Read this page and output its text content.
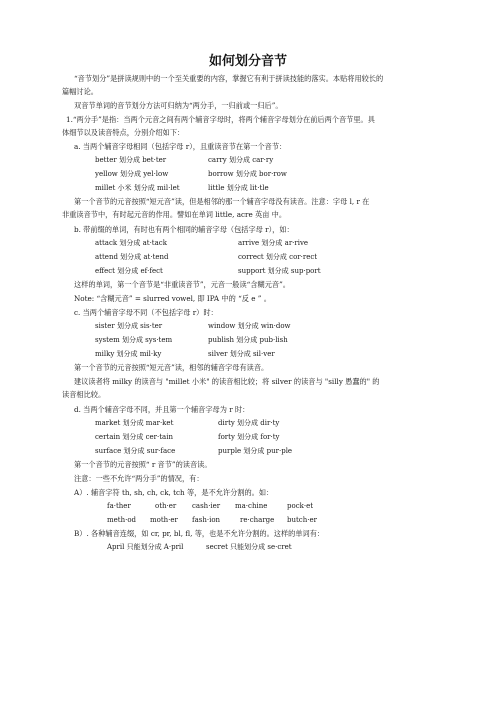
如何划分音节
“音节划分”是拼读规则中的一个至关重要的内容，掌握它有利于拼读技能的落实。本贴将用较长的
篇幅讨论。
双音节单词的音节划分方法可归纳为“两分手，一归前或一归后”。
1.“两分手”是指：当两个元音之间有两个辅音字母时，将两个辅音字母划分在前后两个音节里。具
体细节以及读音特点，分别介绍如下：
a. 当两个辅音字母相同（包括字母 r），且重读音节在第一个音节：
better 划分成 bet·ter	carry 划分成 car·ry
yellow 划分成 yel·low	borrow 划分成 bor·row
millet 小米 划分成 mil·let	little 划分成 lit·tle
第一个音节的元音按照“短元音”读，但是相邻的那一个辅音字母没有读音。注意：字母 l, r 在
非重读音节中，有时起元音的作用。譬如在单词 little, acre 英亩 中。
b. 带前缀的单词，有时也有两个相同的辅音字母（包括字母 r），如：
attack 划分成 at·tack	arrive 划分成 ar·rive
attend 划分成 at·tend	correct 划分成 cor·rect
effect 划分成 ef·fect	support 划分成 sup·port
这样的单词，第一个音节是“非重读音节”，元音一般读“含糊元音”。
Note: “含糊元音” = slurred vowel, 即 IPA 中的 “反 e ” 。
c. 当两个辅音字母不同（不包括字母 r）时：
sister 划分成 sis·ter	window 划分成 win·dow
system 划分成 sys·tem	publish 划分成 pub·lish
milky 划分成 mil·ky	silver 划分成 sil·ver
第一个音节的元音按照“短元音”读，相邻的辅音字母有读音。
建议读者将 milky 的读音与 "millet 小米" 的读音相比较；将 silver 的读音与 "silly 愚蠢的" 的
读音相比较。
d. 当两个辅音字母不同，并且第一个辅音字母为 r 时：
market 划分成 mar·ket	dirty 划分成 dir·ty
certain 划分成 cer·tain	forty 划分成 for·ty
surface 划分成 sur·face	purple 划分成 pur·ple
第一个音节的元音按照“ r 音节”的读音读。
注意：一些不允许“两分手”的情况，有：
A）. 辅音字符 th, sh, ch, ck, tch 等，是不允许分割的。如：
fa·ther	oth·er cash·ier ma·chine	pock·et
meth·od moth·er fash·ion	re·charge butch·er
B）. 各种辅音连缀，如 cr, pr, bl, fl, 等，也是不允许分割的。这样的单词有：
April 只能划分成 A·pril	secret 只能划分成 se·cret
